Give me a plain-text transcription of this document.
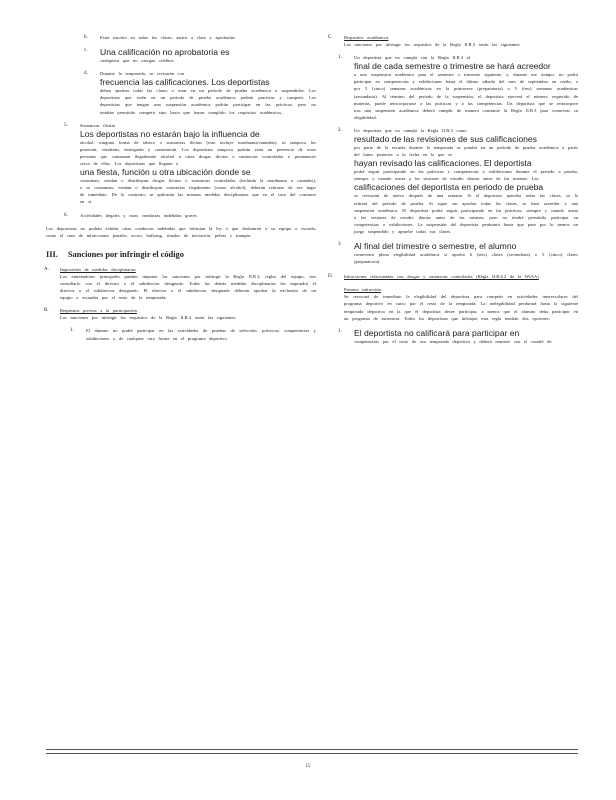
b.	Estar inscrito en todas las clases, asistir a clase y aprobarlas.
c. Una calificación no aprobatoria es
cualquiera que no otorgue créditos.
d.	Durante la temporada, se revisarán con
frecuencia las calificaciones. Los deportistas
deben aprobar todas las clases o estar en un período de prueba académica o suspendidos. Los deportistas que estén en un período de prueba académica podrán practicar y competir. Los deportistas que tengan una suspensión académica podrán participar en las prácticas, pero no tendrán permitido competir sino hasta que hayan cumplido los requisitos académicos.
5.	Sustancias ilícitas
Los deportistas no estarán bajo la influencia de
alcohol, ninguna forma de tabaco o sustancias ilícitas (esto incluye marihuana/cannabis), ni tampoco los poseerán, venderán, entregarán y consumirán. Los deportistas tampoco podrán estar en presencia de otras personas que consuman ilegalmente alcohol u otras drogas ilícitas o sustancias controladas o permanecer cerca de ellas. Los deportistas que lleguen a
una fiesta, función u otra ubicación donde se
consuman, vendan o distribuyan drogas ilícitas o sustancias controladas (incluida la marihuana o cannabis), o se consuman, vendan o distribuyan sustancias ilegalmente (como alcohol), deberán retirarse de ese lugar de inmediato. De lo contrario, se aplicarán las mismas medidas disciplinarias que en el caso del consumo en sí.
6.	Actividades ilegales y otras conductas indebidas graves
Los deportistas no podrán exhibir otras conductas indebidas que infrinjan la ley o que deshonren a su equipo o escuela, como el caso de infracciones penales, acoso, bullying, rituales de iniciación, peleas y trampas.
III. Sanciones por infringir el código
A. Imposición de medidas disciplinarias
Los entrenadores principales pueden imponer las sanciones por infringir la Regla II.B.3, reglas del equipo, tras consultarlo con el director o el subdirector designado. Todas las demás medidas disciplinarias las impondrá el director o el subdirector designado. El director o el subdirector designado deberán aprobar la exclusión de un equipo o escuadra por el resto de la temporada.
B. Requisitos previos a la participación
Las sanciones por infringir los requisitos de la Regla II.B.4 serán las siguientes:
1.	El alumno no podrá participar en las actividades de pruebas de selección, prácticas, competencias y exhibiciones o de cualquier otra forma en el programa deportivo.
C. Requisitos académicos
Las sanciones por infringir los requisitos de la Regla II.B.3 serán las siguientes:
1.	Un deportista que no cumpla con la Regla II.B.3 al
final de cada semestre o trimestre se hará acreedor
a una suspensión académica para el semestre o trimestre siguiente, y, durante ese tiempo, no podrá participar en competencias y exhibiciones hasta el último sábado del mes de septiembre en otoño, o por 5 (cinco) semanas académicas en la primavera (preparatoria) o 5 (tres) semanas académicas (secundaria). Al término del período de la suspensión, el deportista ejercerá el número requerido de materias, puede reincorporarse a las prácticas y a las competencias. Un deportista que se reincorpore tras una suspensión académica deberá cumplir de manera constante la Regla II.B.3 para conservar su elegibilidad.
2.	Un deportista que no cumpla la Regla II.B.3 como
resultado de las revisiones de sus calificaciones
por parte de la escuela durante la temporada se pondrá en un período de prueba académica a partir del lunes posterior a la fecha en la que se
hayan revisado las calificaciones. El deportista
podrá seguir participando en las prácticas y competencias o exhibiciones durante el período a prueba, siempre y cuando asista a las sesiones de estudio diarias antes de las mismas. Las
calificaciones del deportista en periodo de prueba
se revisarán de nuevo después de una semana. Si el deportista aprueba todas las clases, se le retirará del período de prueba. Si sigue sin aprobar todas las clases, se hará acreedor a una suspensión académica. El deportista podrá seguir participando en las prácticas, siempre y cuando asista a las sesiones de estudio diarias antes de las mismas, pero no tendrá permitido participar en competencias o exhibiciones. La suspensión del deportista perdurará hasta que pase por lo menos un juego suspendido y apruebe todas sus clases.
3. Al final del trimestre o semestre, el alumno
conservará plena elegibilidad académica si aprobó 6 (seis) clases (secundaria) o 5 (cinco) clases (preparatoria).
D. Infracciones relacionadas con drogas y sustancias controladas (Regla II.B.6.2 de la WIAA)
Primera infracción
Se revocará de inmediato la elegibilidad del deportista para competir en actividades interescolares del programa deportivo en curso por el resto de la temporada. La inelegibilidad perdurará hasta la siguiente temporada deportiva en la que el deportista desee participar, a menos que el alumno deba participar en un programa de asistencia. Todos los deportistas que infrinjan esta regla tendrán dos opciones:
1. El deportista no calificará para participar en
competencias por el resto de esa temporada deportiva y deberá reunirse con el comité de
15
